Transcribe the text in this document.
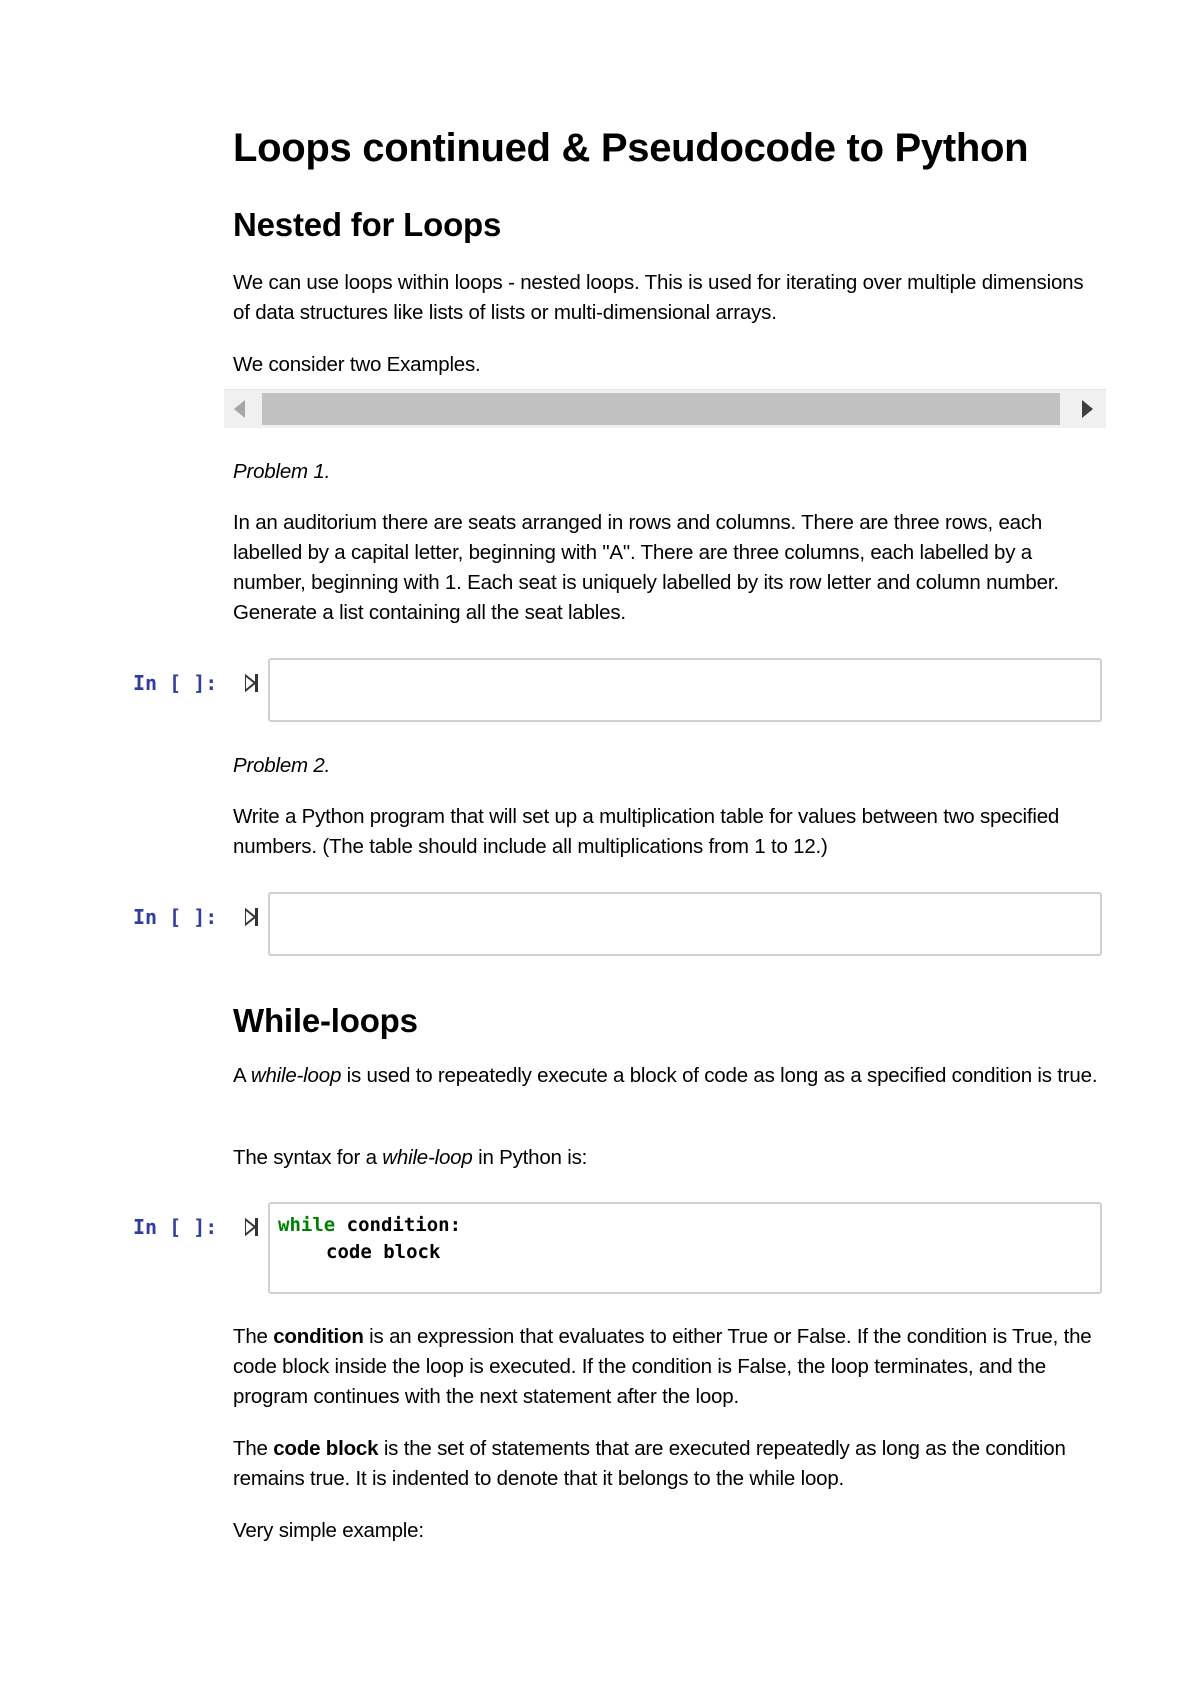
Loops continued & Pseudocode to Python
Nested for Loops

We can use loops within loops - nested loops. This is used for iterating over multiple dimensions of data structures like lists of lists or multi-dimensional arrays.

We consider two Examples.

Problem 1.

In an auditorium there are seats arranged in rows and columns. There are three rows, each labelled by a capital letter, beginning with "A". There are three columns, each labelled by a number, beginning with 1. Each seat is uniquely labelled by its row letter and column number. Generate a list containing all the seat lables.

In [ ]:

Problem 2.

Write a Python program that will set up a multiplication table for values between two specified numbers. (The table should include all multiplications from 1 to 12.)

In [ ]:
While-loops

A while-loop is used to repeatedly execute a block of code as long as a specified condition is true.

The syntax for a while-loop in Python is:

In [ ]:	while condition:
code block

The condition is an expression that evaluates to either True or False. If the condition is True, the code block inside the loop is executed. If the condition is False, the loop terminates, and the program continues with the next statement after the loop.

The code block is the set of statements that are executed repeatedly as long as the condition remains true. It is indented to denote that it belongs to the while loop.

Very simple example:
